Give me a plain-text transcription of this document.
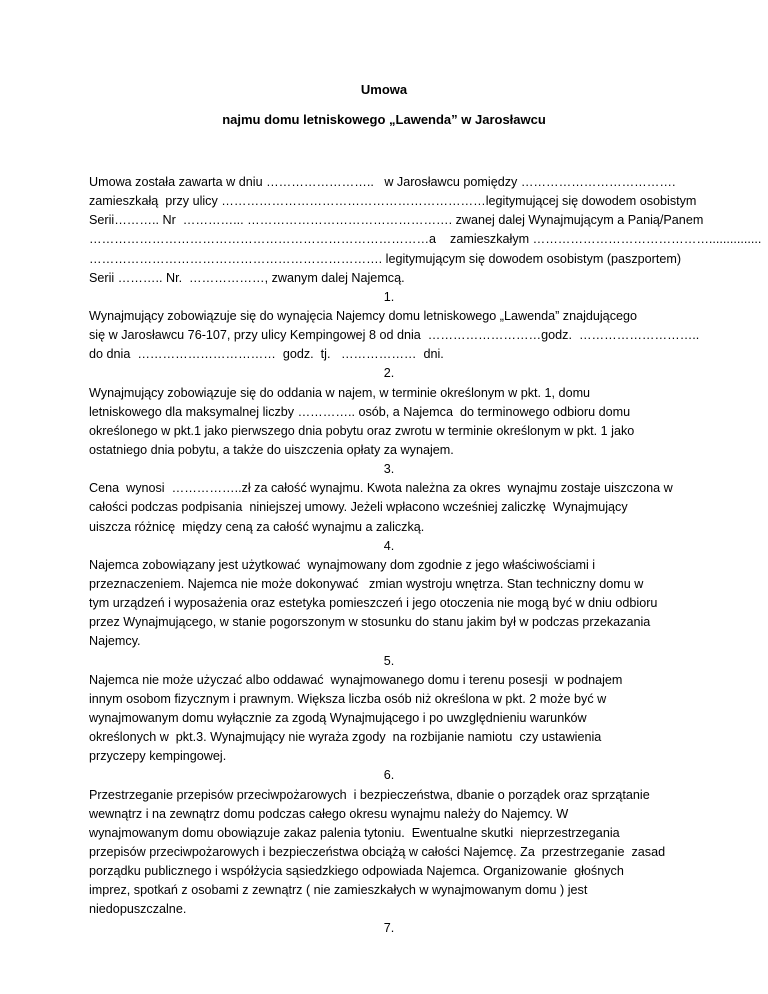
Umowa
najmu domu letniskowego „Lawenda” w Jarosławcu
Umowa została zawarta w dniu ……………………..   w Jarosławcu pomiędzy ……………………………….
zamieszkałą  przy ulicy ………………………………………………………legitymującej się dowodem osobistym
Serii……….. Nr  …………... …………………………………………. zwanej dalej Wynajmującym a Panią/Panem
………………………………………………………………………a    zamieszkałym ……………………………………...............
……………………………………………………………. legitymującym się dowodem osobistym (paszportem)
Serii ……….. Nr.  ………………, zwanym dalej Najemcą.
1.
Wynajmujący zobowiązuje się do wynajęcia Najemcy domu letniskowego „Lawenda” znajdującego
się w Jarosławcu 76-107, przy ulicy Kempingowej 8 od dnia  ………………………godz.  ………………………..
do dnia  ……………………………  godz.  tj.   ………………  dni.
2.
Wynajmujący zobowiązuje się do oddania w najem, w terminie określonym w pkt. 1, domu
letniskowego dla maksymalnej liczby ………….. osób, a Najemca  do terminowego odbioru domu
określonego w pkt.1 jako pierwszego dnia pobytu oraz zwrotu w terminie określonym w pkt. 1 jako
ostatniego dnia pobytu, a także do uiszczenia opłaty za wynajem.
3.
Cena  wynosi  ……………..zł za całość wynajmu. Kwota należna za okres  wynajmu zostaje uiszczona w
całości podczas podpisania  niniejszej umowy. Jeżeli wpłacono wcześniej zaliczkę  Wynajmujący
uiszcza różnicę  między ceną za całość wynajmu a zaliczką.
4.
Najemca zobowiązany jest użytkować  wynajmowany dom zgodnie z jego właściwościami i
przeznaczeniem. Najemca nie może dokonywać   zmian wystroju wnętrza. Stan techniczny domu w
tym urządzeń i wyposażenia oraz estetyka pomieszczeń i jego otoczenia nie mogą być w dniu odbioru
przez Wynajmującego, w stanie pogorszonym w stosunku do stanu jakim był w podczas przekazania
Najemcy.
5.
Najemca nie może użyczać albo oddawać  wynajmowanego domu i terenu posesji  w podnajem
innym osobom fizycznym i prawnym. Większa liczba osób niż określona w pkt. 2 może być w
wynajmowanym domu wyłącznie za zgodą Wynajmującego i po uwzględnieniu warunków
określonych w  pkt.3. Wynajmujący nie wyraża zgody  na rozbijanie namiotu  czy ustawienia
przyczepy kempingowej.
6.
Przestrzeganie przepisów przeciwpożarowych  i bezpieczeństwa, dbanie o porządek oraz sprzątanie
wewnątrz i na zewnątrz domu podczas całego okresu wynajmu należy do Najemcy. W
wynajmowanym domu obowiązuje zakaz palenia tytoniu.  Ewentualne skutki  nieprzestrzegania
przepisów przeciwpożarowych i bezpieczeństwa obciążą w całości Najemcę. Za  przestrzeganie  zasad
porządku publicznego i współżycia sąsiedzkiego odpowiada Najemca. Organizowanie  głośnych
imprez, spotkań z osobami z zewnątrz ( nie zamieszkałych w wynajmowanym domu ) jest
niedopuszczalne.
7.
